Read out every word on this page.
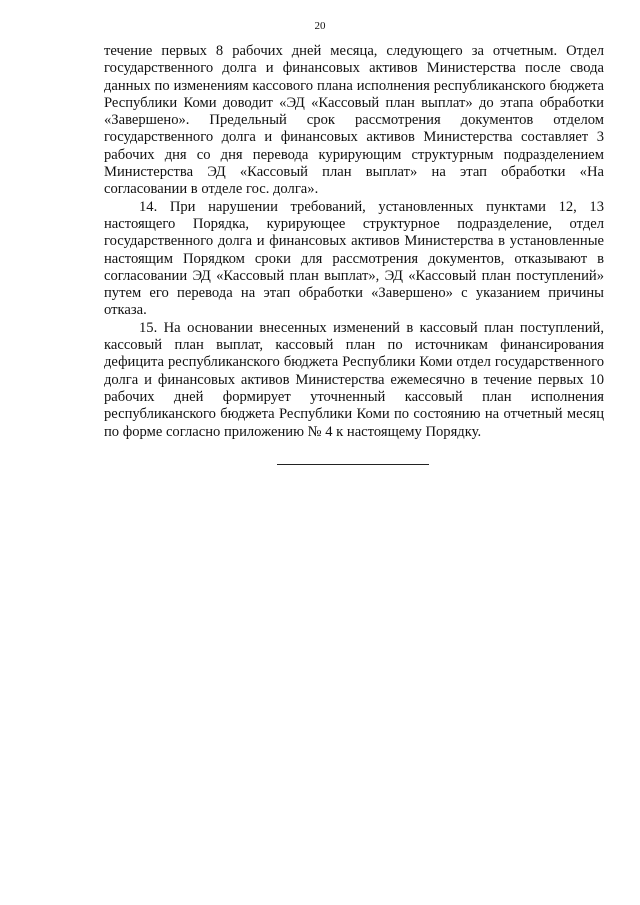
20

течение первых 8 рабочих дней месяца, следующего за отчетным. Отдел государственного долга и финансовых активов Министерства после свода данных по изменениям кассового плана исполнения республиканского бюджета Республики Коми доводит «ЭД «Кассовый план выплат» до этапа обработки «Завершено». Предельный срок рассмотрения документов отделом государственного долга и финансовых активов Министерства составляет 3 рабочих дня со дня перевода курирующим структурным подразделением Министерства ЭД «Кассовый план выплат» на этап обработки «На согласовании в отделе гос. долга».

14. При нарушении требований, установленных пунктами 12, 13 настоящего Порядка, курирующее структурное подразделение, отдел государственного долга и финансовых активов Министерства в установленные настоящим Порядком сроки для рассмотрения документов, отказывают в согласовании ЭД «Кассовый план выплат», ЭД «Кассовый план поступлений» путем его перевода на этап обработки «Завершено» с указанием причины отказа.

15. На основании внесенных изменений в кассовый план поступлений, кассовый план выплат, кассовый план по источникам финансирования дефицита республиканского бюджета Республики Коми отдел государственного долга и финансовых активов Министерства ежемесячно в течение первых 10 рабочих дней формирует уточненный кассовый план исполнения республиканского бюджета Республики Коми по состоянию на отчетный месяц по форме согласно приложению № 4 к настоящему Порядку.
